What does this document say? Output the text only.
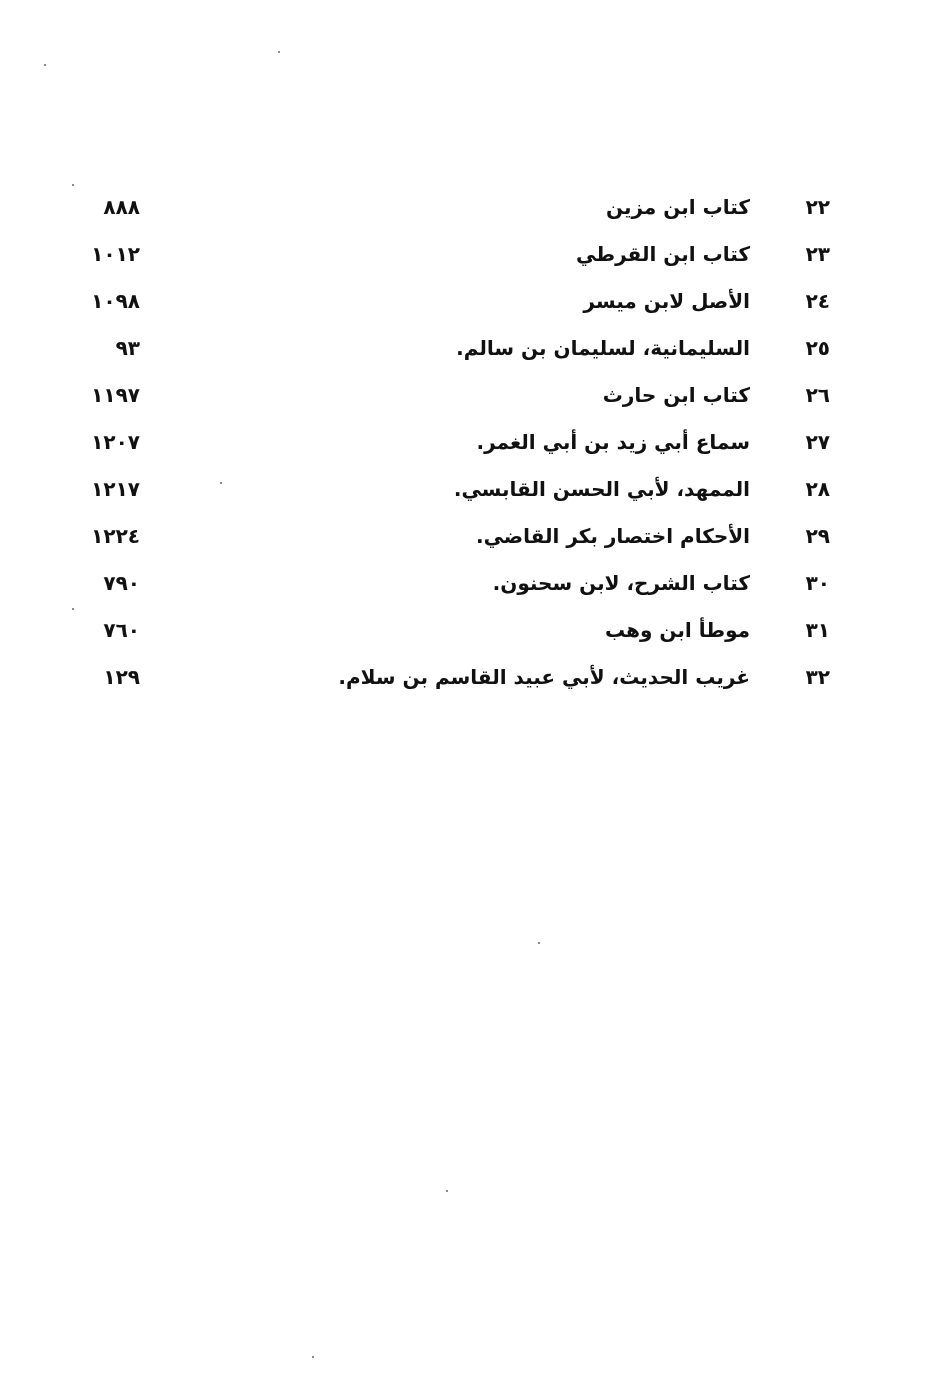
٢٢
كتاب ابن مزين
٨٨٨
٢٣
كتاب ابن القرطي
١٠١٢
٢٤
الأصل لابن ميسر
١٠٩٨
٢٥
السليمانية، لسليمان بن سالم.
٩٣
٢٦
كتاب ابن حارث
١١٩٧
٢٧
سماع أبي زيد بن أبي الغمر.
١٢٠٧
٢٨
الممهد، لأبي الحسن القابسي.
١٢١٧
٢٩
الأحكام اختصار بكر القاضي.
١٢٢٤
٣٠
كتاب الشرح، لابن سحنون.
٧٩٠
٣١
موطأ ابن وهب
٧٦٠
٣٢
غريب الحديث، لأبي عبيد القاسم بن سلام.
١٢٩
